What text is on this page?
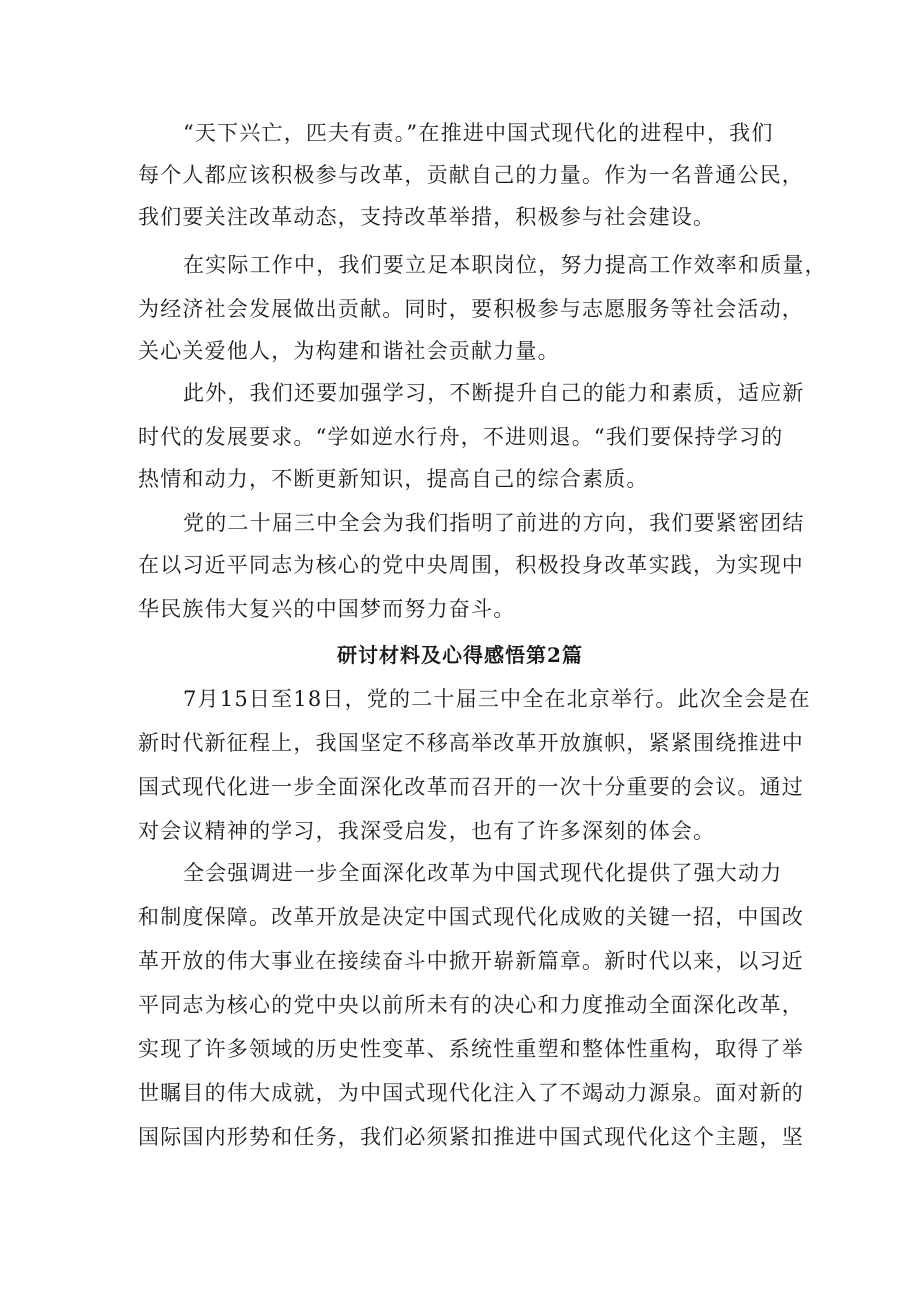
“天下兴亡，匹夫有责。”在推进中国式现代化的进程中，我们
每个人都应该积极参与改革，贡献自己的力量。作为一名普通公民，
我们要关注改革动态，支持改革举措，积极参与社会建设。
在实际工作中，我们要立足本职岗位，努力提高工作效率和质量，
为经济社会发展做出贡献。同时，要积极参与志愿服务等社会活动，
关心关爱他人，为构建和谐社会贡献力量。
此外，我们还要加强学习，不断提升自己的能力和素质，适应新
时代的发展要求。“学如逆水行舟，不进则退。“我们要保持学习的
热情和动力，不断更新知识，提高自己的综合素质。
党的二十届三中全会为我们指明了前进的方向，我们要紧密团结
在以习近平同志为核心的党中央周围，积极投身改革实践，为实现中
华民族伟大复兴的中国梦而努力奋斗。
研讨材料及心得感悟第2篇
7月15日至18日，党的二十届三中全在北京举行。此次全会是在
新时代新征程上，我国坚定不移高举改革开放旗帜，紧紧围绕推进中
国式现代化进一步全面深化改革而召开的一次十分重要的会议。通过
对会议精神的学习，我深受启发，也有了许多深刻的体会。
全会强调进一步全面深化改革为中国式现代化提供了强大动力
和制度保障。改革开放是决定中国式现代化成败的关键一招，中国改
革开放的伟大事业在接续奋斗中掀开崭新篇章。新时代以来，以习近
平同志为核心的党中央以前所未有的决心和力度推动全面深化改革，
实现了许多领域的历史性变革、系统性重塑和整体性重构，取得了举
世瞩目的伟大成就，为中国式现代化注入了不竭动力源泉。面对新的
国际国内形势和任务，我们必须紧扣推进中国式现代化这个主题，坚
